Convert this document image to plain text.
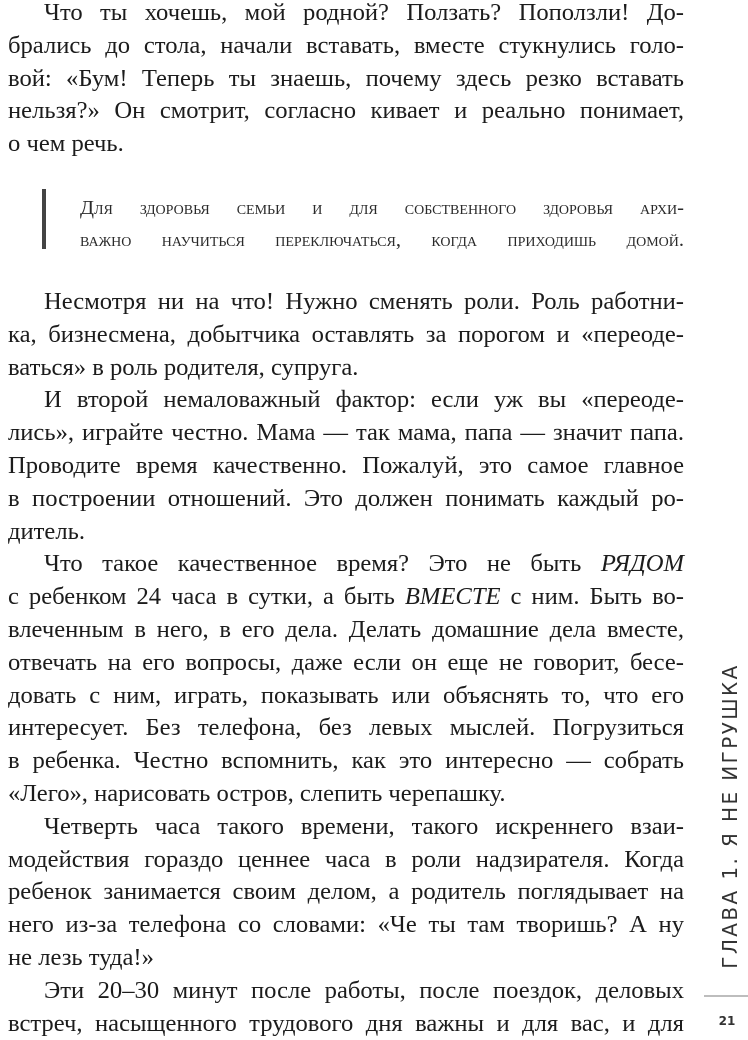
Что ты хочешь, мой родной? Ползать? Поползли! До-

брались до стола, начали вставать, вместе стукнулись голо-

вой: «Бум! Теперь ты знаешь, почему здесь резко вставать

нельзя?» Он смотрит, согласно кивает и реально понимает,

о чем речь.

Для здоровья семьи и для собственного здоровья архи-
важно научиться переключаться, когда приходишь домой.

Несмотря ни на что! Нужно сменять роли. Роль работни-

ка, бизнесмена, добытчика оставлять за порогом и «переоде-

ваться» в роль родителя, супруга.

И второй немаловажный фактор: если уж вы «переоде-

лись», играйте честно. Мама — так мама, папа — значит папа.

Проводите время качественно. Пожалуй, это самое главное

в построении отношений. Это должен понимать каждый ро-

дитель.

Что такое качественное время? Это не быть РЯДОМ

с ребенком 24 часа в сутки, а быть ВМЕСТЕ с ним. Быть во-

влеченным в него, в его дела. Делать домашние дела вместе,

отвечать на его вопросы, даже если он еще не говорит, бесе-

довать с ним, играть, показывать или объяснять то, что его

интересует. Без телефона, без левых мыслей. Погрузиться

в ребенка. Честно вспомнить, как это интересно — собрать

«Лего», нарисовать остров, слепить черепашку.

Четверть часа такого времени, такого искреннего взаи-

модействия гораздо ценнее часа в роли надзирателя. Когда

ребенок занимается своим делом, а родитель поглядывает на

него из-за телефона со словами: «Че ты там творишь? А ну

не лезь туда!»

Эти 20–30 минут после работы, после поездок, деловых

встреч, насыщенного трудового дня важны и для вас, и для

ГЛАВА 1. Я НЕ ИГРУШКА
21
